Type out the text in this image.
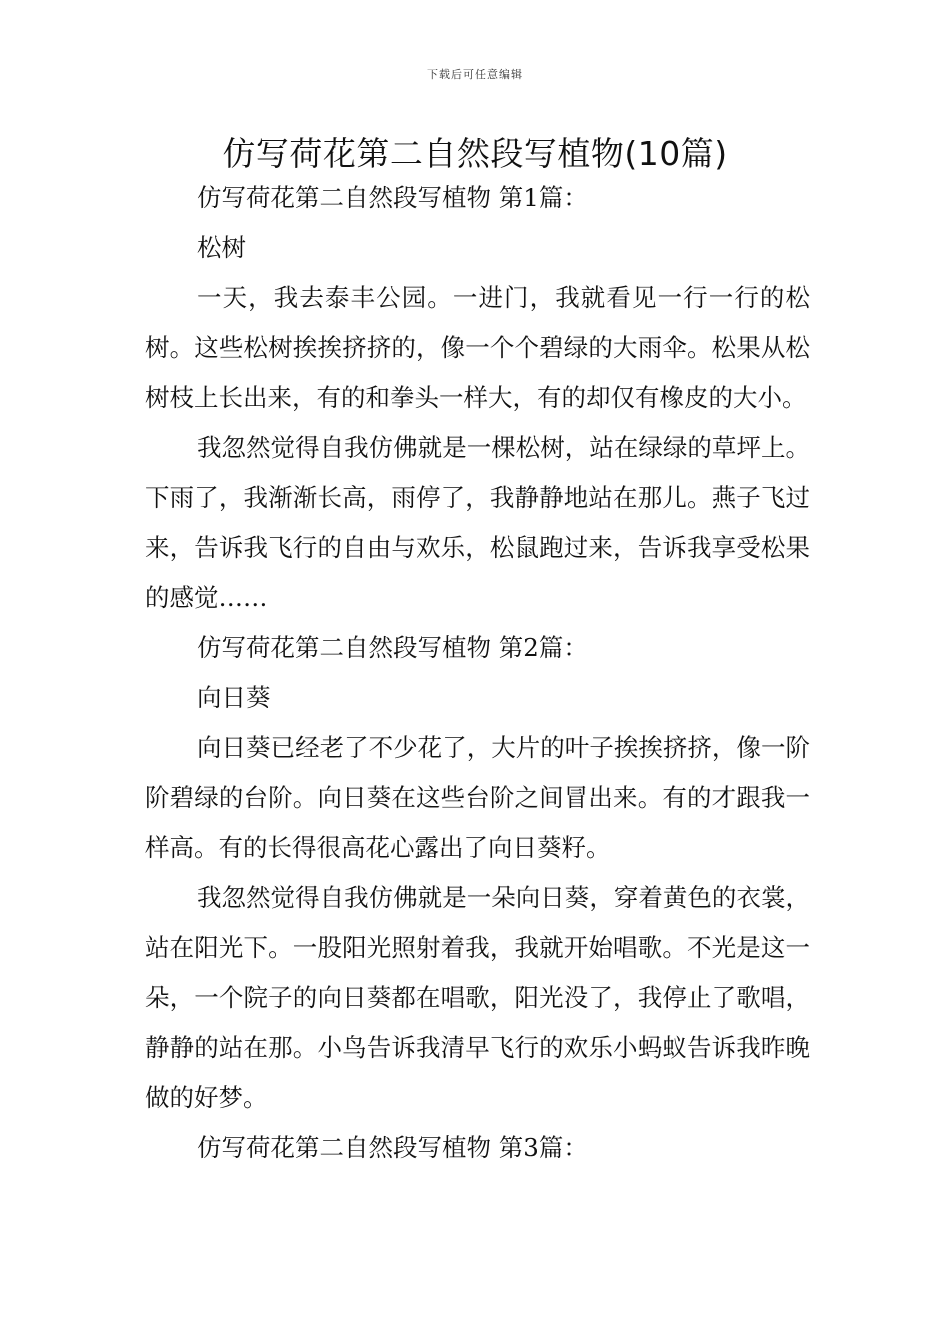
下载后可任意编辑
仿写荷花第二自然段写植物(10篇)
仿写荷花第二自然段写植物 第1篇：
松树

一天，我去泰丰公园。一进门，我就看见一行一行的松树。这些松树挨挨挤挤的，像一个个碧绿的大雨伞。松果从松树枝上长出来，有的和拳头一样大，有的却仅有橡皮的大小。

我忽然觉得自我仿佛就是一棵松树，站在绿绿的草坪上。下雨了，我渐渐长高，雨停了，我静静地站在那儿。燕子飞过来，告诉我飞行的自由与欢乐，松鼠跑过来，告诉我享受松果的感觉……

仿写荷花第二自然段写植物 第2篇：
向日葵

向日葵已经老了不少花了，大片的叶子挨挨挤挤，像一阶阶碧绿的台阶。向日葵在这些台阶之间冒出来。有的才跟我一样高。有的长得很高花心露出了向日葵籽。

我忽然觉得自我仿佛就是一朵向日葵，穿着黄色的衣裳，站在阳光下。一股阳光照射着我，我就开始唱歌。不光是这一朵，一个院子的向日葵都在唱歌，阳光没了，我停止了歌唱，静静的站在那。小鸟告诉我清早飞行的欢乐小蚂蚁告诉我昨晚做的好梦。

仿写荷花第二自然段写植物 第3篇：
